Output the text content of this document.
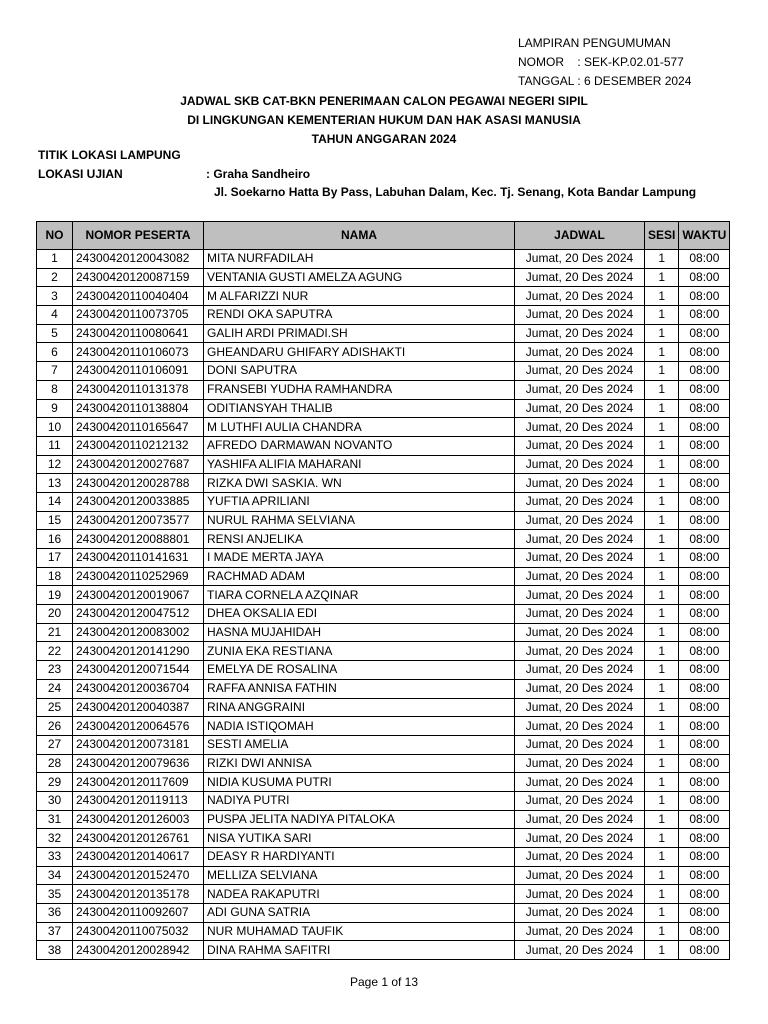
LAMPIRAN PENGUMUMAN
NOMOR    : SEK-KP.02.01-577
TANGGAL : 6 DESEMBER 2024
JADWAL SKB CAT-BKN PENERIMAAN CALON PEGAWAI NEGERI SIPIL
DI LINGKUNGAN KEMENTERIAN HUKUM DAN HAK ASASI MANUSIA
TAHUN ANGGARAN 2024
TITIK LOKASI LAMPUNG
LOKASI UJIAN	: Graha Sandheiro
Jl. Soekarno Hatta By Pass, Labuhan Dalam, Kec. Tj. Senang, Kota Bandar Lampung
NO	NOMOR PESERTA	NAMA	JADWAL	SESI	WAKTU
1	24300420120043082	MITA NURFADILAH	Jumat, 20 Des 2024	1	08:00
2	24300420120087159	VENTANIA GUSTI AMELZA AGUNG	Jumat, 20 Des 2024	1	08:00
3	24300420110040404	M ALFARIZZI NUR	Jumat, 20 Des 2024	1	08:00
4	24300420110073705	RENDI OKA SAPUTRA	Jumat, 20 Des 2024	1	08:00
5	24300420110080641	GALIH ARDI PRIMADI.SH	Jumat, 20 Des 2024	1	08:00
6	24300420110106073	GHEANDARU GHIFARY ADISHAKTI	Jumat, 20 Des 2024	1	08:00
7	24300420110106091	DONI SAPUTRA	Jumat, 20 Des 2024	1	08:00
8	24300420110131378	FRANSEBI YUDHA RAMHANDRA	Jumat, 20 Des 2024	1	08:00
9	24300420110138804	ODITIANSYAH THALIB	Jumat, 20 Des 2024	1	08:00
10	24300420110165647	M LUTHFI AULIA CHANDRA	Jumat, 20 Des 2024	1	08:00
11	24300420110212132	AFREDO DARMAWAN NOVANTO	Jumat, 20 Des 2024	1	08:00
12	24300420120027687	YASHIFA ALIFIA MAHARANI	Jumat, 20 Des 2024	1	08:00
13	24300420120028788	RIZKA DWI SASKIA. WN	Jumat, 20 Des 2024	1	08:00
14	24300420120033885	YUFTIA APRILIANI	Jumat, 20 Des 2024	1	08:00
15	24300420120073577	NURUL RAHMA SELVIANA	Jumat, 20 Des 2024	1	08:00
16	24300420120088801	RENSI ANJELIKA	Jumat, 20 Des 2024	1	08:00
17	24300420110141631	I MADE MERTA JAYA	Jumat, 20 Des 2024	1	08:00
18	24300420110252969	RACHMAD ADAM	Jumat, 20 Des 2024	1	08:00
19	24300420120019067	TIARA CORNELA AZQINAR	Jumat, 20 Des 2024	1	08:00
20	24300420120047512	DHEA OKSALIA EDI	Jumat, 20 Des 2024	1	08:00
21	24300420120083002	HASNA MUJAHIDAH	Jumat, 20 Des 2024	1	08:00
22	24300420120141290	ZUNIA EKA RESTIANA	Jumat, 20 Des 2024	1	08:00
23	24300420120071544	EMELYA DE ROSALINA	Jumat, 20 Des 2024	1	08:00
24	24300420120036704	RAFFA ANNISA FATHIN	Jumat, 20 Des 2024	1	08:00
25	24300420120040387	RINA ANGGRAINI	Jumat, 20 Des 2024	1	08:00
26	24300420120064576	NADIA ISTIQOMAH	Jumat, 20 Des 2024	1	08:00
27	24300420120073181	SESTI AMELIA	Jumat, 20 Des 2024	1	08:00
28	24300420120079636	RIZKI DWI ANNISA	Jumat, 20 Des 2024	1	08:00
29	24300420120117609	NIDIA KUSUMA PUTRI	Jumat, 20 Des 2024	1	08:00
30	24300420120119113	NADIYA PUTRI	Jumat, 20 Des 2024	1	08:00
31	24300420120126003	PUSPA JELITA NADIYA PITALOKA	Jumat, 20 Des 2024	1	08:00
32	24300420120126761	NISA YUTIKA SARI	Jumat, 20 Des 2024	1	08:00
33	24300420120140617	DEASY R HARDIYANTI	Jumat, 20 Des 2024	1	08:00
34	24300420120152470	MELLIZA SELVIANA	Jumat, 20 Des 2024	1	08:00
35	24300420120135178	NADEA RAKAPUTRI	Jumat, 20 Des 2024	1	08:00
36	24300420110092607	ADI GUNA SATRIA	Jumat, 20 Des 2024	1	08:00
37	24300420110075032	NUR MUHAMAD TAUFIK	Jumat, 20 Des 2024	1	08:00
38	24300420120028942	DINA RAHMA SAFITRI	Jumat, 20 Des 2024	1	08:00
Page 1 of 13
